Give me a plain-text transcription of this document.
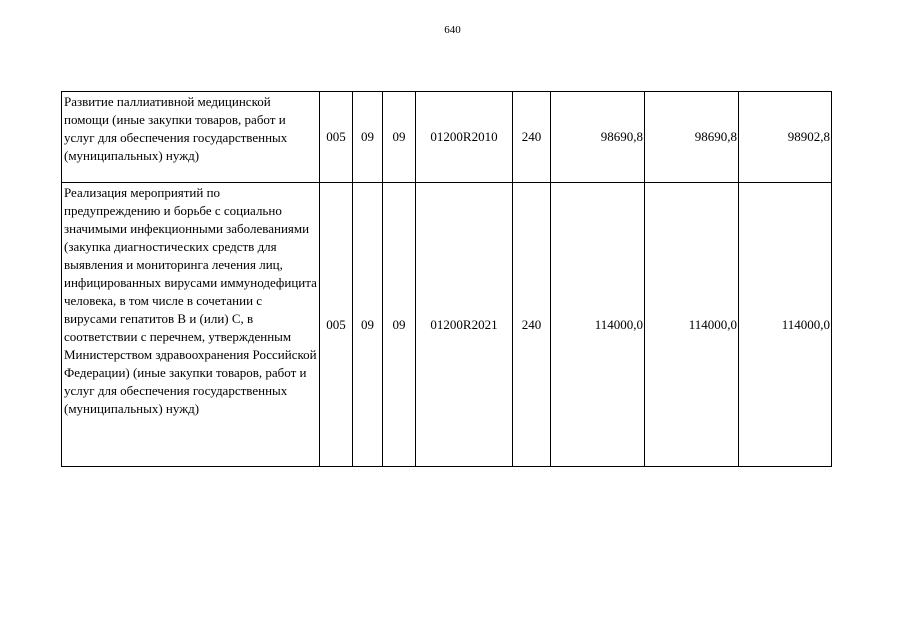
640
Развитие паллиативной медицинской помощи (иные закупки товаров, работ и услуг для обеспечения государственных (муниципальных) нужд)	005	09	09	01200R2010	240	98690,8	98690,8	98902,8
Реализация мероприятий по предупреждению и борьбе с социально значимыми инфекционными заболеваниями (закупка диагностических средств для выявления и мониторинга лечения лиц, инфицированных вирусами иммунодефицита человека, в том числе в сочетании с вирусами гепатитов B и (или) C, в соответствии с перечнем, утвержденным Министерством здравоохранения Российской Федерации) (иные закупки товаров, работ и услуг для обеспечения государственных (муниципальных) нужд)	005	09	09	01200R2021	240	114000,0	114000,0	114000,0
